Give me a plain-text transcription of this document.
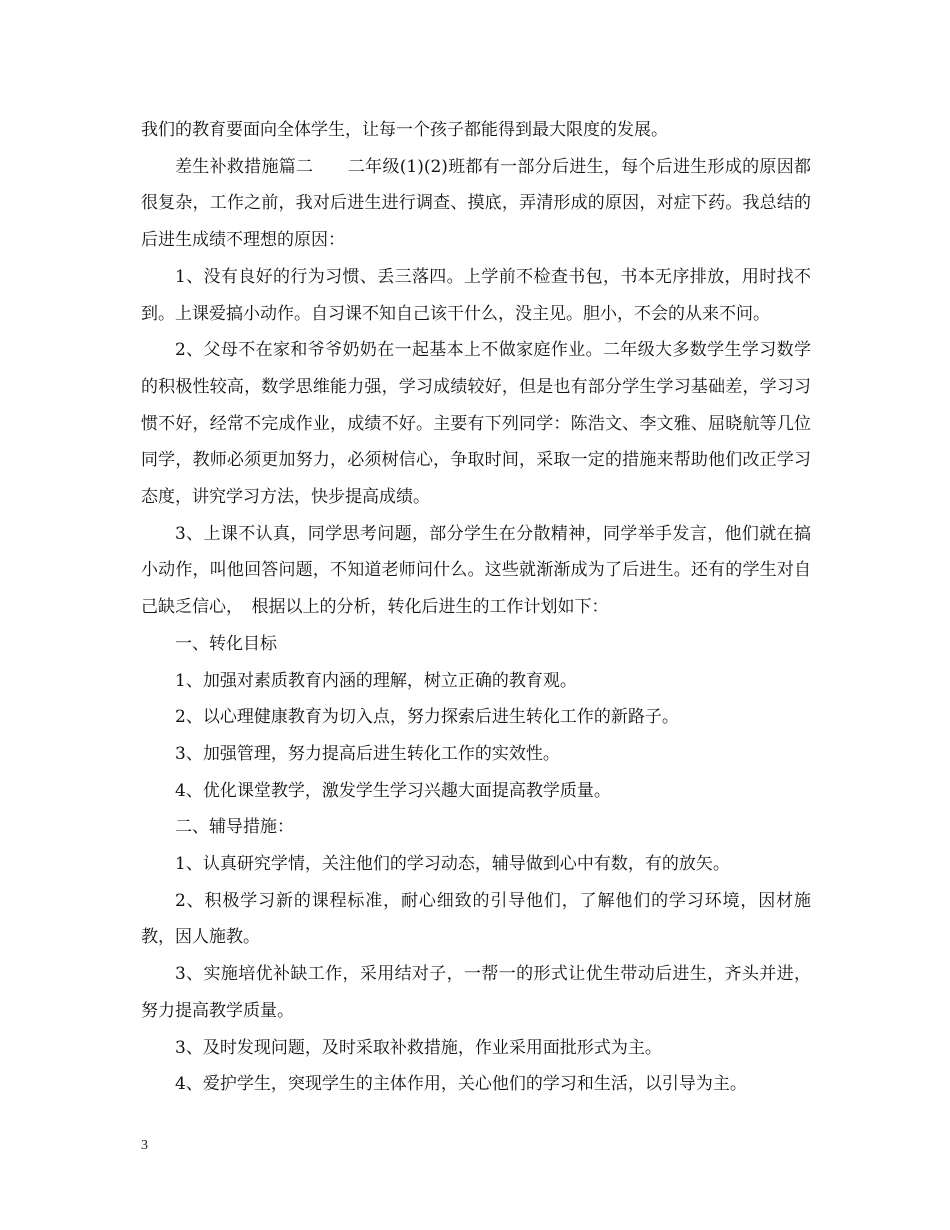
我们的教育要面向全体学生，让每一个孩子都能得到最大限度的发展。

差生补救措施篇二　　二年级(1)(2)班都有一部分后进生，每个后进生形成的原因都很复杂，工作之前，我对后进生进行调查、摸底，弄清形成的原因，对症下药。我总结的后进生成绩不理想的原因：

1、没有良好的行为习惯、丢三落四。上学前不检查书包，书本无序排放，用时找不到。上课爱搞小动作。自习课不知自己该干什么，没主见。胆小，不会的从来不问。

2、父母不在家和爷爷奶奶在一起基本上不做家庭作业。二年级大多数学生学习数学的积极性较高，数学思维能力强，学习成绩较好，但是也有部分学生学习基础差，学习习惯不好，经常不完成作业，成绩不好。主要有下列同学：陈浩文、李文雅、屈晓航等几位同学，教师必须更加努力，必须树信心，争取时间，采取一定的措施来帮助他们改正学习态度，讲究学习方法，快步提高成绩。

3、上课不认真，同学思考问题，部分学生在分散精神，同学举手发言，他们就在搞小动作，叫他回答问题，不知道老师问什么。这些就渐渐成为了后进生。还有的学生对自己缺乏信心，　根据以上的分析，转化后进生的工作计划如下：

一、转化目标

1、加强对素质教育内涵的理解，树立正确的教育观。

2、以心理健康教育为切入点，努力探索后进生转化工作的新路子。

3、加强管理，努力提高后进生转化工作的实效性。

4、优化课堂教学，激发学生学习兴趣大面提高教学质量。

二、辅导措施：

1、认真研究学情，关注他们的学习动态，辅导做到心中有数，有的放矢。

2、积极学习新的课程标准，耐心细致的引导他们，了解他们的学习环境，因材施教，因人施教。

3、实施培优补缺工作，采用结对子，一帮一的形式让优生带动后进生，齐头并进，努力提高教学质量。

3、及时发现问题，及时采取补救措施，作业采用面批形式为主。

4、爱护学生，突现学生的主体作用，关心他们的学习和生活，以引导为主。

3
